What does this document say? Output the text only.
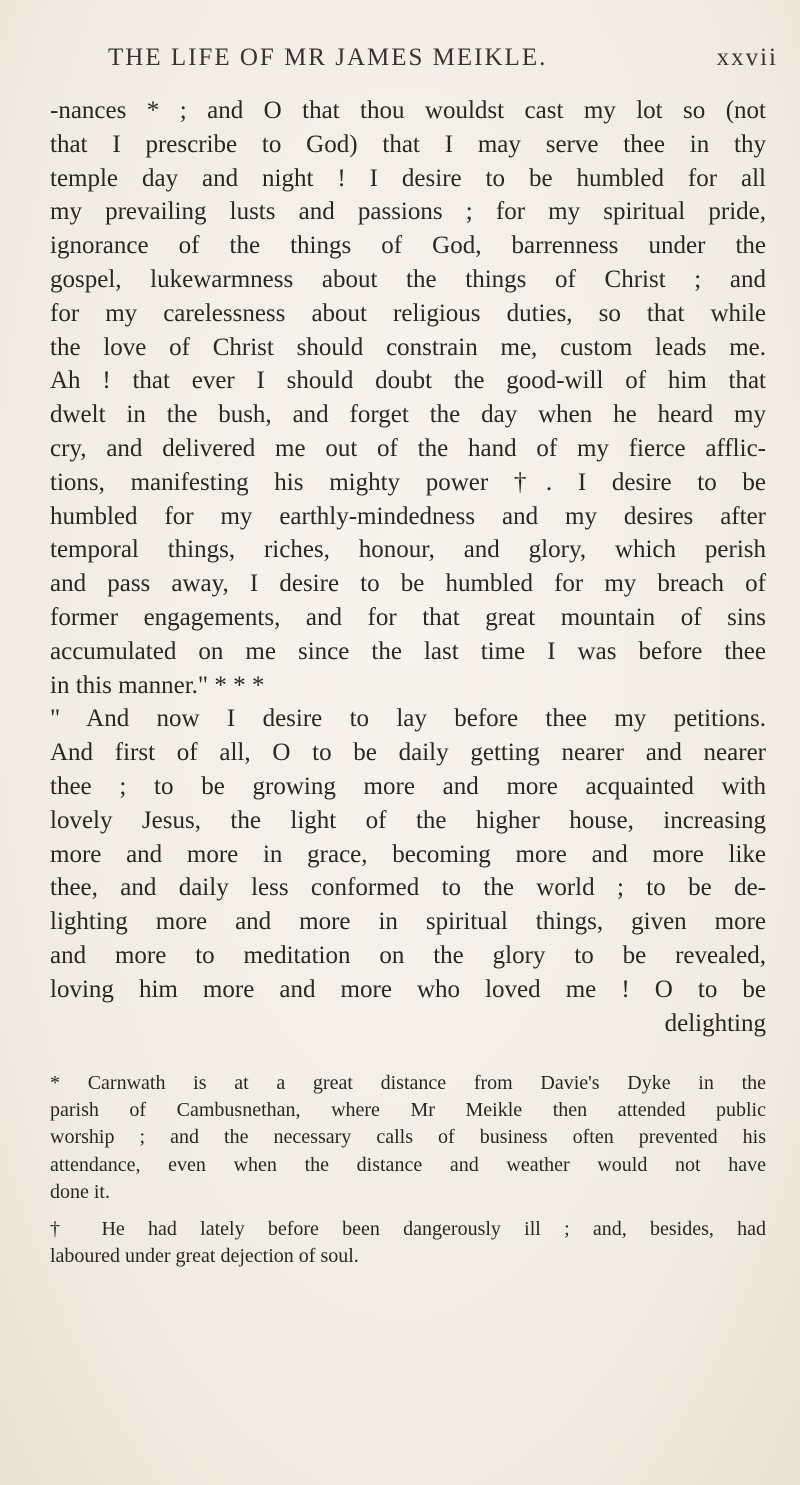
THE LIFE OF MR JAMES MEIKLE.	xxvii
-nances * ; and O that thou wouldst cast my lot so (not
that I prescribe to God) that I may serve thee in thy
temple day and night ! I desire to be humbled for all
my prevailing lusts and passions ; for my spiritual pride,
ignorance of the things of God, barrenness under the
gospel, lukewarmness about the things of Christ ; and
for my carelessness about religious duties, so that while
the love of Christ should constrain me, custom leads me.
Ah ! that ever I should doubt the good-will of him that
dwelt in the bush, and forget the day when he heard my
cry, and delivered me out of the hand of my fierce afflic-
tions, manifesting his mighty power †. I desire to be
humbled for my earthly-mindedness and my desires after
temporal things, riches, honour, and glory, which perish
and pass away, I desire to be humbled for my breach of
former engagements, and for that great mountain of sins
accumulated on me since the last time I was before thee
in this manner." * * *
" And now I desire to lay before thee my petitions.
And first of all, O to be daily getting nearer and nearer
thee ; to be growing more and more acquainted with
lovely Jesus, the light of the higher house, increasing
more and more in grace, becoming more and more like
thee, and daily less conformed to the world ; to be de-
lighting more and more in spiritual things, given more
and more to meditation on the glory to be revealed,
loving him more and more who loved me ! O to be
delighting
* Carnwath is at a great distance from Davie's Dyke in the
parish of Cambusnethan, where Mr Meikle then attended public
worship ; and the necessary calls of business often prevented his
attendance, even when the distance and weather would not have
done it.
† He had lately before been dangerously ill ; and, besides, had
laboured under great dejection of soul.
